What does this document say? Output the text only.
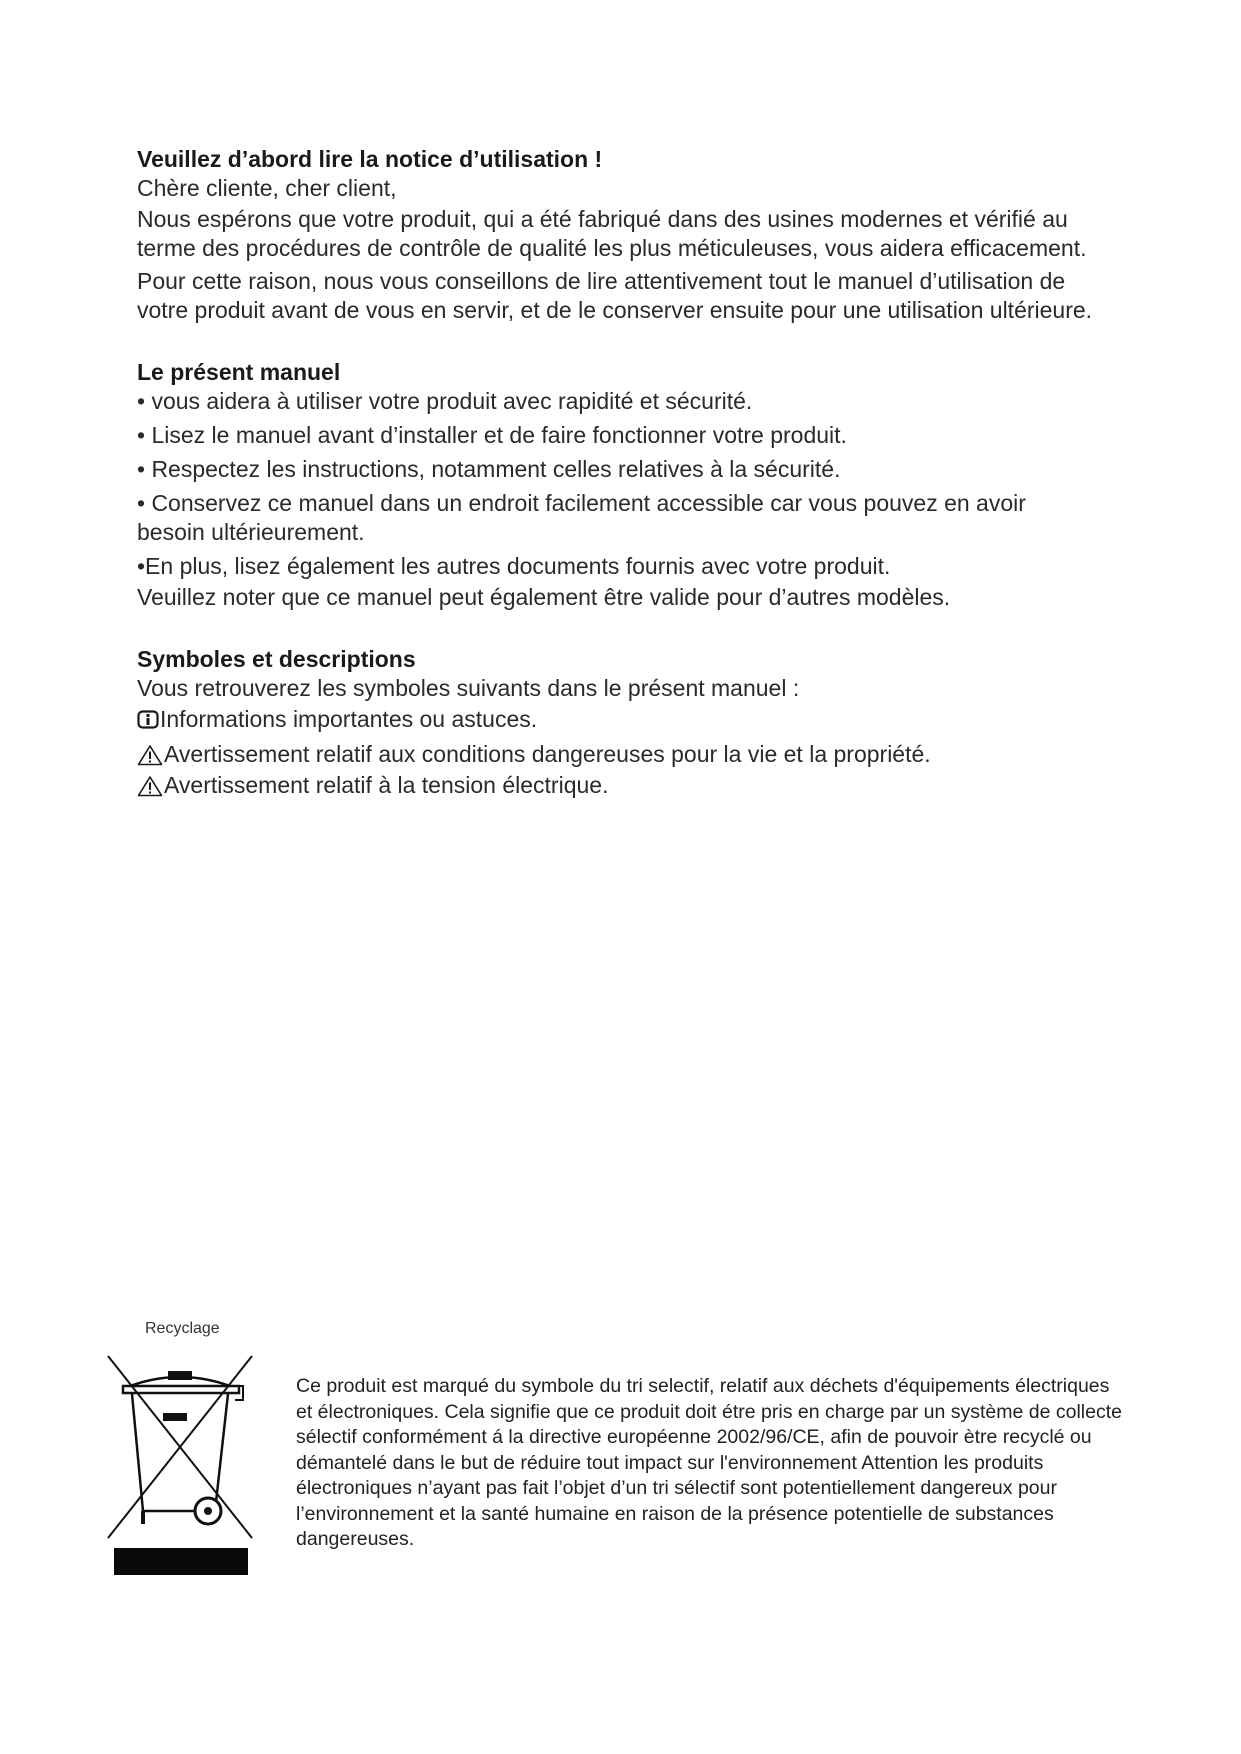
Veuillez d’abord lire la notice d’utilisation !

Chère cliente, cher client,

Nous espérons que votre produit, qui a été fabriqué dans des usines modernes et vérifié au terme des procédures de contrôle de qualité les plus méticuleuses, vous aidera efficacement.

Pour cette raison, nous vous conseillons de lire attentivement tout le manuel d’utilisation de votre produit avant de vous en servir, et de le conserver ensuite pour une utilisation ultérieure.

Le présent manuel

• vous aidera à utiliser votre produit avec rapidité et sécurité.

• Lisez le manuel avant d’installer et de faire fonctionner votre produit.

• Respectez les instructions, notamment celles relatives à la sécurité.

• Conservez ce manuel dans un endroit facilement accessible car vous pouvez en avoir besoin ultérieurement.

•En plus, lisez également les autres documents fournis avec votre produit.

Veuillez noter que ce manuel peut également être valide pour d’autres modèles.

Symboles et descriptions

Vous retrouverez les symboles suivants dans le présent manuel :

Informations importantes ou astuces.
Avertissement relatif aux conditions dangereuses pour la vie et la propriété.
Avertissement relatif à la tension électrique.
Recyclage
Ce produit est marqué du symbole du tri selectif, relatif aux déchets d'équipements électriques et électroniques. Cela signifie que ce produit doit étre pris en charge par un système de collecte sélectif conformément á la directive européenne 2002/96/CE, afin de pouvoir ètre recyclé ou démantelé dans le but de réduire tout impact sur l'environnement Attention les produits électroniques n’ayant pas fait l’objet d’un tri sélectif sont potentiellement dangereux pour l’environnement et la santé humaine en raison de la présence potentielle de substances dangereuses.
